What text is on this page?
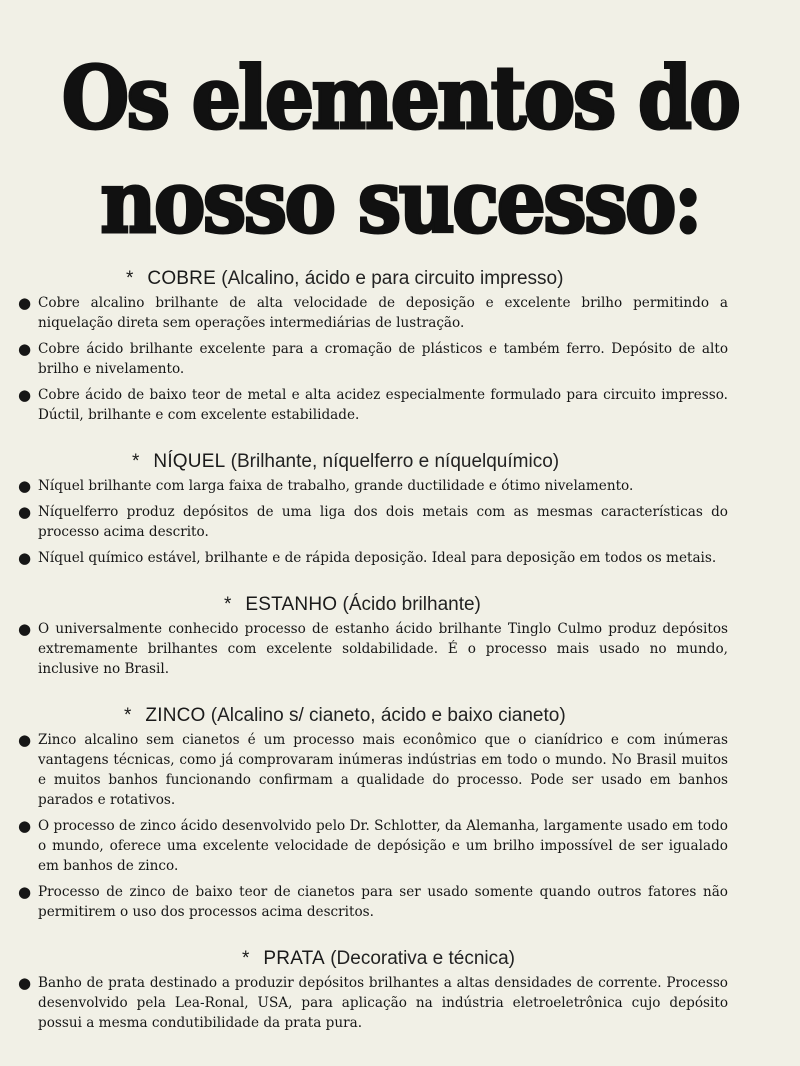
Os elementos do
nosso sucesso:
* COBRE (Alcalino, ácido e para circuito impresso)
● Cobre alcalino brilhante de alta velocidade de deposição e excelente brilho permitindo a niquelação direta sem operações intermediárias de lustração.
● Cobre ácido brilhante excelente para a cromação de plásticos e também ferro. Depósito de alto brilho e nivelamento.
● Cobre ácido de baixo teor de metal e alta acidez especialmente formulado para circuito impresso. Dúctil, brilhante e com excelente estabilidade.
* NÍQUEL (Brilhante, níquelferro e níquelquímico)
● Níquel brilhante com larga faixa de trabalho, grande ductilidade e ótimo nivelamento.
● Níquelferro produz depósitos de uma liga dos dois metais com as mesmas características do processo acima descrito.
● Níquel químico estável, brilhante e de rápida deposição. Ideal para deposição em todos os metais.
* ESTANHO (Ácido brilhante)
● O universalmente conhecido processo de estanho ácido brilhante Tinglo Culmo produz depósitos extremamente brilhantes com excelente soldabilidade. É o processo mais usado no mundo, inclusive no Brasil.
* ZINCO (Alcalino s/ cianeto, ácido e baixo cianeto)
● Zinco alcalino sem cianetos é um processo mais econômico que o cianídrico e com inúmeras vantagens técnicas, como já comprovaram inúmeras indústrias em todo o mundo. No Brasil muitos e muitos banhos funcionando confirmam a qualidade do processo. Pode ser usado em banhos parados e rotativos.
● O processo de zinco ácido desenvolvido pelo Dr. Schlotter, da Alemanha, largamente usado em todo o mundo, oferece uma excelente velocidade de depósição e um brilho impossível de ser igualado em banhos de zinco.
● Processo de zinco de baixo teor de cianetos para ser usado somente quando outros fatores não permitirem o uso dos processos acima descritos.
* PRATA (Decorativa e técnica)
● Banho de prata destinado a produzir depósitos brilhantes a altas densidades de corrente. Processo desenvolvido pela Lea-Ronal, USA, para aplicação na indústria eletroeletrônica cujo depósito possui a mesma condutibilidade da prata pura.
